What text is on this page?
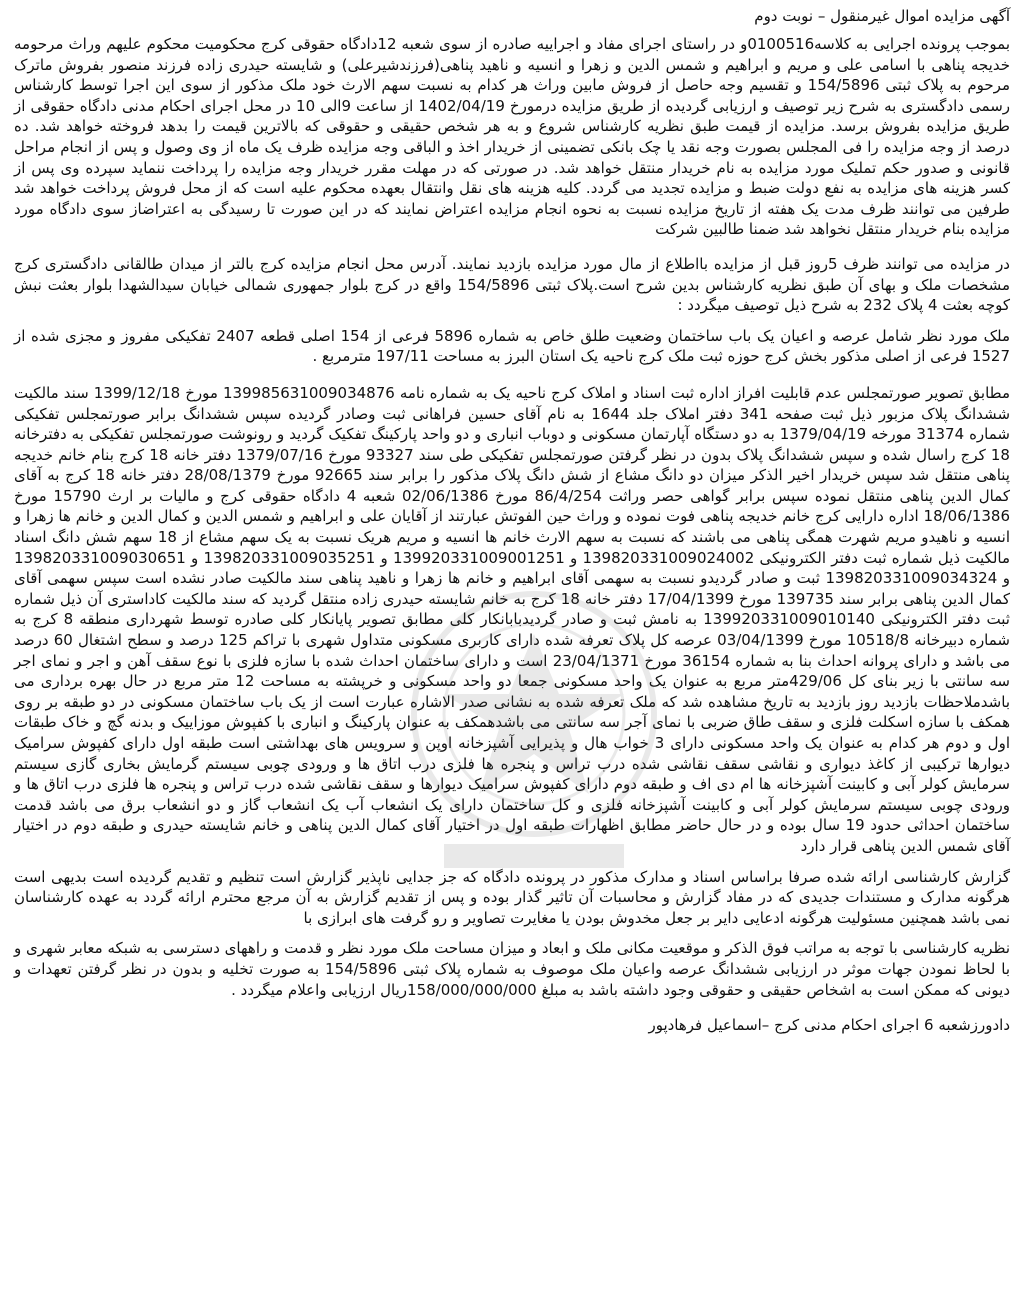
آگهی مزایده اموال غیرمنقول – نوبت دوم

بموجب پرونده اجرایی به کلاسه0100516و در راستای اجرای مفاد و اجراییه صادره از سوی شعبه 12دادگاه حقوقی کرج محکومیت محکوم علیهم وراث مرحومه خدیجه پناهی با اسامی علی و مریم و ابراهیم و شمس الدین و زهرا و انسیه و ناهید پناهی(فرزندشیرعلی) و شایسته حیدری زاده فرزند منصور بفروش ماترک مرحوم به پلاک ثبتی 154/5896 و تقسیم وجه حاصل از فروش مابین وراث هر کدام به نسبت سهم الارث خود ملک مذکور از سوی این اجرا توسط کارشناس رسمی دادگستری به شرح زیر توصیف و ارزیابی گردیده از طریق مزایده درمورخ 1402/04/19 از ساعت 9الی 10 در محل اجرای احکام مدنی دادگاه حقوقی از طریق مزایده بفروش برسد. مزایده از قیمت طبق نظریه کارشناس شروع و به هر شخص حقیقی و حقوقی که بالاترین قیمت را بدهد فروخته خواهد شد. ده درصد از وجه مزایده را فی المجلس بصورت وجه نقد یا چک بانکی تضمینی از خریدار اخذ و الباقی وجه مزایده ظرف یک ماه از وی وصول و پس از انجام مراحل قانونی و صدور حکم تملیک مورد مزایده به نام خریدار منتقل خواهد شد. در صورتی که در مهلت مقرر خریدار وجه مزایده را پرداخت ننماید سپرده وی پس از کسر هزینه های مزایده به نفع دولت ضبط و مزایده تجدید می گردد. کلیه هزینه های نقل وانتقال بعهده محکوم علیه است که از محل فروش پرداخت خواهد شد طرفین می توانند ظرف مدت یک هفته از تاریخ مزایده نسبت به نحوه انجام مزایده اعتراض نمایند که در این صورت تا رسیدگی به اعتراضاز سوی دادگاه مورد مزایده بنام خریدار منتقل نخواهد شد ضمنا طالبین شرکت

در مزایده می توانند ظرف 5روز قبل از مزایده بااطلاع از مال مورد مزایده بازدید نمایند. آدرس محل انجام مزایده کرج بالتر از میدان طالقانی دادگستری کرج مشخصات ملک و بهای آن طبق نظریه کارشناس بدین شرح است.پلاک ثبتی 154/5896 واقع در کرج بلوار جمهوری شمالی خیابان سیدالشهدا بلوار بعثت نبش کوچه بعثت 4 پلاک 232 به شرح ذیل توصیف میگردد :

ملک مورد نظر شامل عرصه و اعیان یک باب ساختمان وضعیت طلق خاص به شماره 5896 فرعی از 154 اصلی قطعه 2407 تفکیکی مفروز و مجزی شده از 1527 فرعی از اصلی مذکور بخش کرج حوزه ثبت ملک کرج ناحیه یک استان البرز به مساحت 197/11 مترمربع .

مطابق تصویر صورتمجلس عدم قابلیت افراز اداره ثبت اسناد و املاک کرج ناحیه یک به شماره نامه 139985631009034876 مورخ 1399/12/18 سند مالکیت ششدانگ پلاک مزبور ذیل ثبت صفحه 341 دفتر املاک جلد 1644 به نام آقای حسین فراهانی ثبت وصادر گردیده سپس ششدانگ برابر صورتمجلس تفکیکی شماره 31374 مورخه 1379/04/19 به دو دستگاه آپارتمان مسکونی و دوباب انباری و دو واحد پارکینگ تفکیک گردید و رونوشت صورتمجلس تفکیکی به دفترخانه 18 کرج راسال شده و سپس ششدانگ پلاک بدون در نظر گرفتن صورتمجلس تفکیکی طی سند 93327 مورخ 1379/07/16 دفتر خانه 18 کرج بنام خانم خدیجه پناهی منتقل شد سپس خریدار اخیر الذکر میزان دو دانگ مشاع از شش دانگ پلاک مذکور را برابر سند 92665 مورخ 28/08/1379 دفتر خانه 18 کرج به آقای کمال الدین پناهی منتقل نموده سپس برابر گواهی حصر وراثت 86/4/254 مورخ 02/06/1386 شعبه 4 دادگاه حقوقی کرج و مالیات بر ارث 15790 مورخ 18/06/1386 اداره دارایی کرج خانم خدیجه پناهی فوت نموده و وراث حین الفوتش عبارتند از آقایان علی و ابراهیم و شمس الدین و کمال الدین و خانم ها زهرا و انسیه و ناهیدو مریم شهرت همگی پناهی می باشند که نسبت به سهم الارث خانم ها انسیه و مریم هریک نسبت به یک سهم مشاع از 18 سهم شش دانگ اسناد مالکیت ذیل شماره ثبت دفتر الکترونیکی 139820331009024002 و 139920331009001251 و 139820331009035251 و 139820331009030651 و 139820331009034324 ثبت و صادر گردیدو نسبت به سهمی آقای ابراهیم و خانم ها زهرا و ناهید پناهی سند مالکیت صادر نشده است سپس سهمی آقای کمال الدین پناهی برابر سند 139735 مورخ 17/04/1399 دفتر خانه 18 کرج به خانم شایسته حیدری زاده منتقل گردید که سند مالکیت کاداستری آن ذیل شماره ثبت دفتر الکترونیکی 139920331009010140 به نامش ثبت و صادر گردیدبابانکار کلی مطابق تصویر پایانکار کلی صادره توسط شهرداری منطقه 8 کرج به شماره دبیرخانه 10518/8 مورخ 03/04/1399 عرصه کل پلاک تعرفه شده دارای کاربری مسکونی متداول شهری با تراکم 125 درصد و سطح اشتغال 60 درصد می باشد و دارای پروانه احداث بنا به شماره 36154 مورخ 23/04/1371 است و دارای ساختمان احداث شده با سازه فلزی با نوع سقف آهن و اجر و نمای اجر سه سانتی با زیر بنای کل 429/06متر مربع به عنوان یک واحد مسکونی جمعا دو واحد مسکونی و خرپشته به مساحت 12 متر مربع در حال بهره برداری می باشدملاحظات بازدید روز بازدید به تاریخ مشاهده شد که ملک تعرفه شده به نشانی صدر الاشاره عبارت است از یک باب ساختمان مسکونی در دو طبقه بر روی همکف با سازه اسکلت فلزی و سقف طاق ضربی با نمای آجر سه سانتی می باشدهمکف به عنوان پارکینگ و انباری با کفپوش موزاییک و بدنه گچ و خاک طبقات اول و دوم هر کدام به عنوان یک واحد مسکونی دارای 3 خواب هال و پذیرایی آشپزخانه اوپن و سرویس های بهداشتی است طبقه اول دارای کفپوش سرامیک دیوارها ترکیبی از کاغذ دیواری و نقاشی سقف نقاشی شده درب تراس و پنجره ها فلزی درب اتاق ها و ورودی چوبی سیستم گرمایش بخاری گازی سیستم سرمایش کولر آبی و کابینت آشپزخانه ها ام دی اف و طبقه دوم دارای کفپوش سرامیک دیوارها و سقف نقاشی شده درب تراس و پنجره ها فلزی درب اتاق ها و ورودی چوبی سیستم سرمایش کولر آبی و کابینت آشپزخانه فلزی و کل ساختمان دارای یک انشعاب آب یک انشعاب گاز و دو انشعاب برق می باشد قدمت ساختمان احداثی حدود 19 سال بوده و در حال حاضر مطابق اظهارات طبقه اول در اختیار آقای کمال الدین پناهی و خانم شایسته حیدری و طبقه دوم در اختیار آقای شمس الدین پناهی قرار دارد

گزارش کارشناسی ارائه شده صرفا براساس اسناد و مدارک مذکور در پرونده دادگاه که جز جدایی ناپذیر گزارش است تنظیم و تقدیم گردیده است بدیهی است هرگونه مدارک و مستندات جدیدی که در مفاد گزارش و محاسبات آن تاثیر گذار بوده و پس از تقدیم گزارش به آن مرجع محترم ارائه گردد به عهده کارشناسان نمی باشد همچنین مسئولیت هرگونه ادعایی دایر بر جعل مخدوش بودن یا مغایرت تصاویر و رو گرفت های ابرازی با

نظریه کارشناسی با توجه به مراتب فوق الذکر و موقعیت مکانی ملک و ابعاد و میزان مساحت ملک مورد نظر و قدمت و راههای دسترسی به شبکه معابر شهری و با لحاظ نمودن جهات موثر در ارزیابی ششدانگ عرصه واعیان ملک موصوف به شماره پلاک ثبتی 154/5896 به صورت تخلیه و بدون در نظر گرفتن تعهدات و دیونی که ممکن است به اشخاص حقیقی و حقوقی وجود داشته باشد به مبلغ 158/000/000/000ریال ارزیابی واعلام میگردد .

دادورزشعبه 6 اجرای احکام مدنی کرج –اسماعیل فرهادپور
